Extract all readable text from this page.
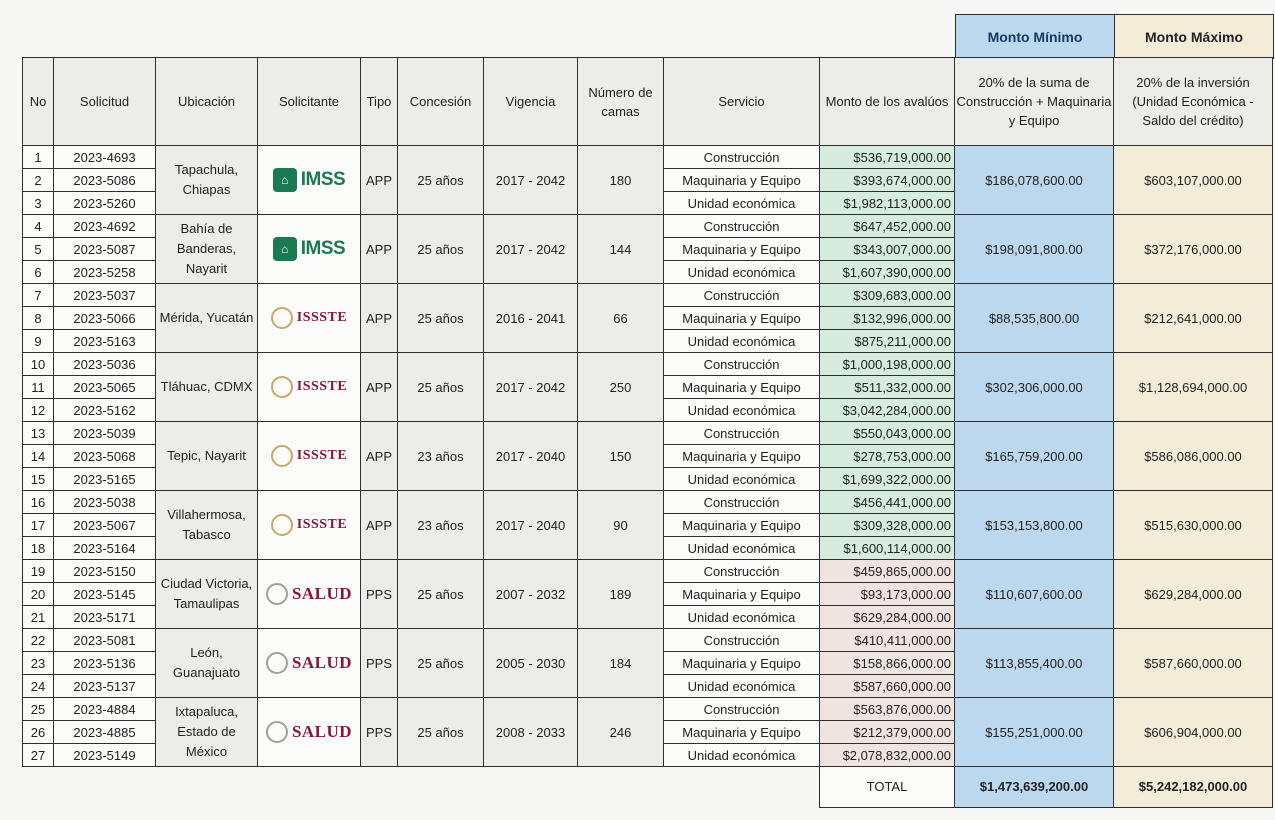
Monto Mínimo	Monto Máximo
No	Solicitud	Ubicación	Solicitante	Tipo	Concesión	Vigencia	Número de camas	Servicio	Monto de los avalúos	20% de la suma de Construcción + Maquinaria y Equipo	20% de la inversión (Unidad Económica - Saldo del crédito)
1	2023-4693	Tapachula, Chiapas	⌂ IMSS	APP	25 años	2017 - 2042	180	Construcción	$536,719,000.00	$186,078,600.00	$603,107,000.00
2	2023-5086							Maquinaria y Equipo	$393,674,000.00		
3	2023-5260							Unidad económica	$1,982,113,000.00		
4	2023-4692	Bahía de Banderas, Nayarit	⌂ IMSS	APP	25 años	2017 - 2042	144	Construcción	$647,452,000.00	$198,091,800.00	$372,176,000.00
5	2023-5087							Maquinaria y Equipo	$343,007,000.00		
6	2023-5258							Unidad económica	$1,607,390,000.00		
7	2023-5037	Mérida, Yucatán	ISSSTE	APP	25 años	2016 - 2041	66	Construcción	$309,683,000.00	$88,535,800.00	$212,641,000.00
8	2023-5066							Maquinaria y Equipo	$132,996,000.00		
9	2023-5163							Unidad económica	$875,211,000.00		
10	2023-5036	Tláhuac, CDMX	ISSSTE	APP	25 años	2017 - 2042	250	Construcción	$1,000,198,000.00	$302,306,000.00	$1,128,694,000.00
11	2023-5065							Maquinaria y Equipo	$511,332,000.00		
12	2023-5162							Unidad económica	$3,042,284,000.00		
13	2023-5039	Tepic, Nayarit	ISSSTE	APP	23 años	2017 - 2040	150	Construcción	$550,043,000.00	$165,759,200.00	$586,086,000.00
14	2023-5068							Maquinaria y Equipo	$278,753,000.00		
15	2023-5165							Unidad económica	$1,699,322,000.00		
16	2023-5038	Villahermosa, Tabasco	ISSSTE	APP	23 años	2017 - 2040	90	Construcción	$456,441,000.00	$153,153,800.00	$515,630,000.00
17	2023-5067							Maquinaria y Equipo	$309,328,000.00		
18	2023-5164							Unidad económica	$1,600,114,000.00		
19	2023-5150	Ciudad Victoria, Tamaulipas	SALUD	PPS	25 años	2007 - 2032	189	Construcción	$459,865,000.00	$110,607,600.00	$629,284,000.00
20	2023-5145							Maquinaria y Equipo	$93,173,000.00		
21	2023-5171							Unidad económica	$629,284,000.00		
22	2023-5081	León, Guanajuato	SALUD	PPS	25 años	2005 - 2030	184	Construcción	$410,411,000.00	$113,855,400.00	$587,660,000.00
23	2023-5136							Maquinaria y Equipo	$158,866,000.00		
24	2023-5137							Unidad económica	$587,660,000.00		
25	2023-4884	Ixtapaluca, Estado de México	SALUD	PPS	25 años	2008 - 2033	246	Construcción	$563,876,000.00	$155,251,000.00	$606,904,000.00
26	2023-4885							Maquinaria y Equipo	$212,379,000.00		
27	2023-5149							Unidad económica	$2,078,832,000.00		
									TOTAL	$1,473,639,200.00	$5,242,182,000.00
